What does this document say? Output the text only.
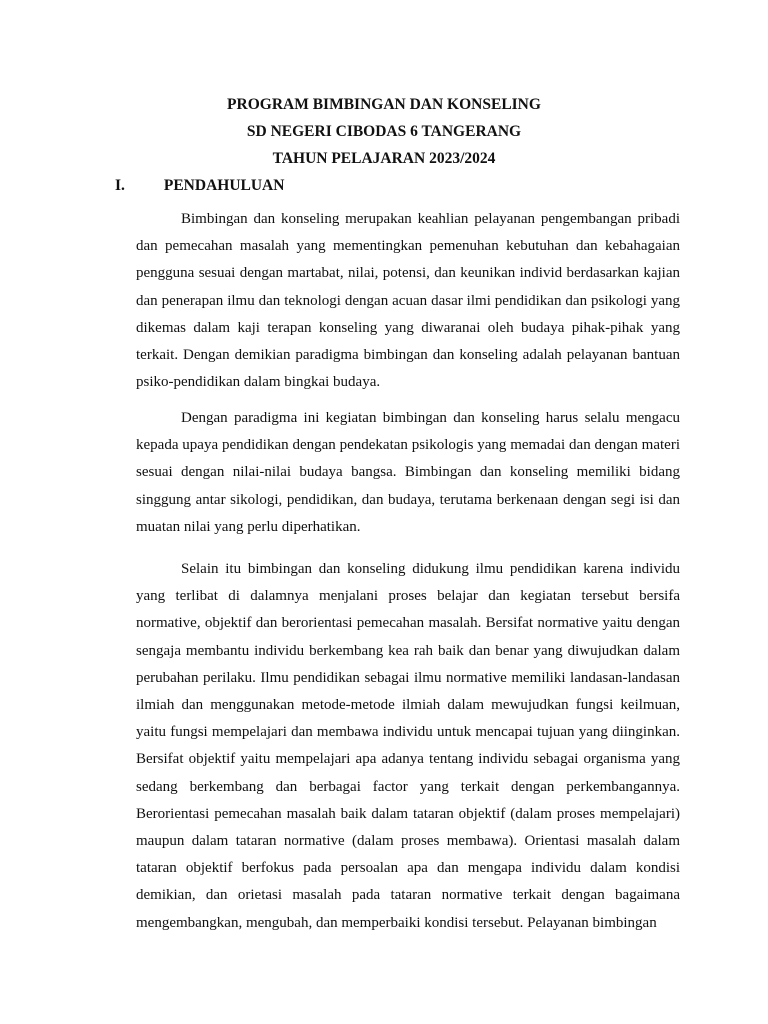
PROGRAM BIMBINGAN DAN KONSELING

SD NEGERI CIBODAS 6 TANGERANG

TAHUN PELAJARAN 2023/2024

I.	PENDAHULUAN

Bimbingan dan konseling merupakan keahlian pelayanan pengembangan pribadi dan pemecahan masalah yang mementingkan pemenuhan kebutuhan dan kebahagaian pengguna sesuai dengan martabat, nilai, potensi, dan keunikan individ berdasarkan kajian dan penerapan ilmu dan teknologi dengan acuan dasar ilmi pendidikan dan psikologi yang dikemas dalam kaji terapan konseling yang diwaranai oleh budaya pihak-pihak yang terkait. Dengan demikian paradigma bimbingan dan konseling adalah pelayanan bantuan psiko-pendidikan dalam bingkai budaya.

Dengan paradigma ini kegiatan bimbingan dan konseling harus selalu mengacu kepada upaya pendidikan dengan pendekatan psikologis yang memadai dan dengan materi sesuai dengan nilai-nilai budaya bangsa. Bimbingan dan konseling memiliki bidang singgung antar sikologi, pendidikan, dan budaya, terutama berkenaan dengan segi isi dan muatan nilai yang perlu diperhatikan.

Selain itu bimbingan dan konseling didukung ilmu pendidikan karena individu yang terlibat di dalamnya menjalani proses belajar dan kegiatan tersebut bersifa normative, objektif dan berorientasi pemecahan masalah. Bersifat normative yaitu dengan sengaja membantu individu berkembang kea rah baik dan benar yang diwujudkan dalam perubahan perilaku. Ilmu pendidikan sebagai ilmu normative memiliki landasan-landasan ilmiah dan menggunakan metode-metode ilmiah dalam mewujudkan fungsi keilmuan, yaitu fungsi mempelajari dan membawa individu untuk mencapai tujuan yang diinginkan. Bersifat objektif yaitu mempelajari apa adanya tentang individu sebagai organisma yang sedang berkembang dan berbagai factor yang terkait dengan perkembangannya. Berorientasi pemecahan masalah baik dalam tataran objektif (dalam proses mempelajari) maupun dalam tataran normative (dalam proses membawa). Orientasi masalah dalam tataran objektif berfokus pada persoalan apa dan mengapa individu dalam kondisi demikian, dan orietasi masalah pada tataran normative terkait dengan bagaimana mengembangkan, mengubah, dan memperbaiki kondisi tersebut. Pelayanan bimbingan
